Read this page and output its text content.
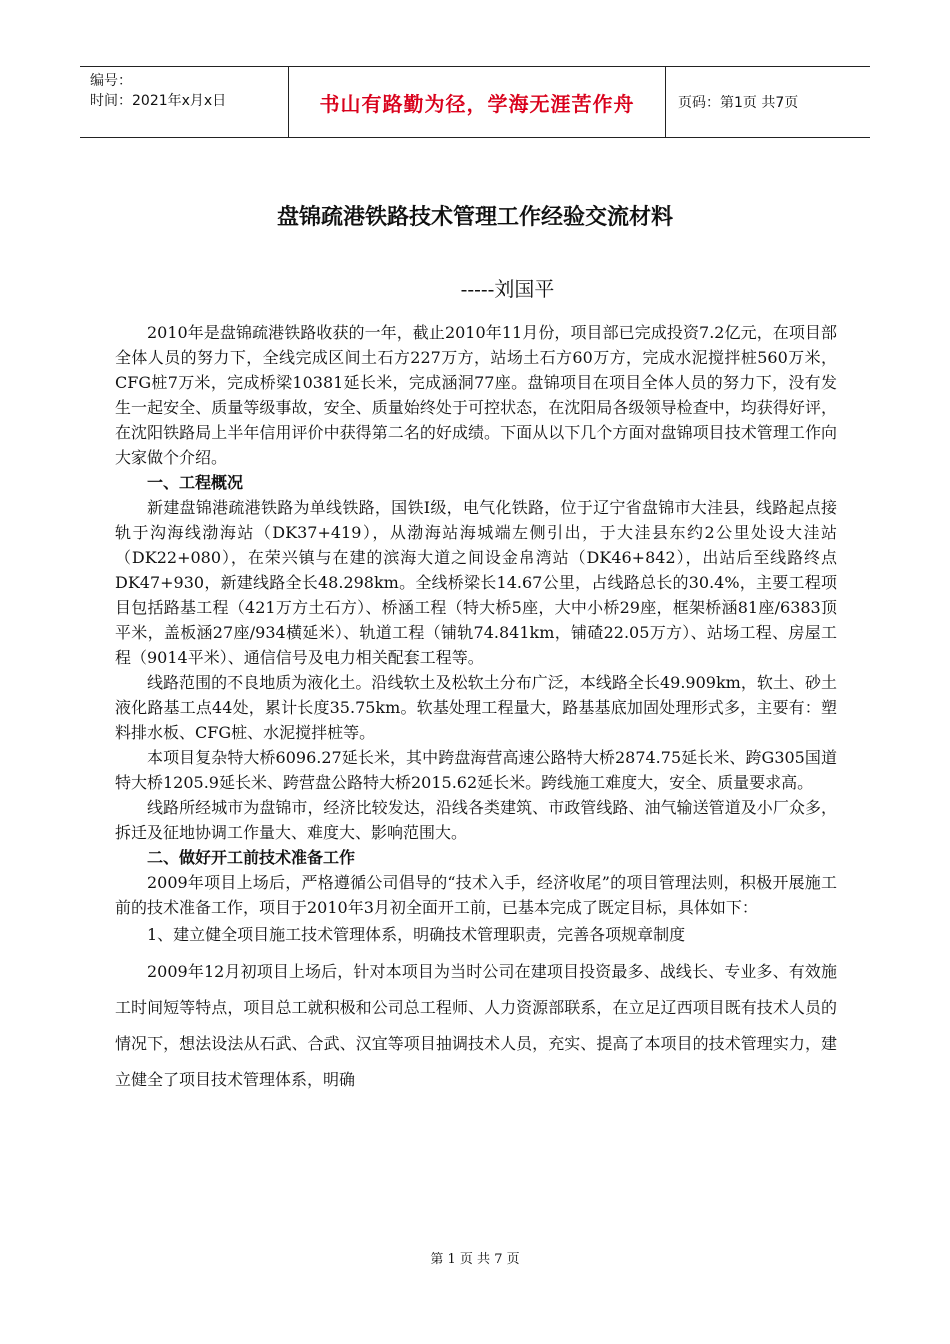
编号：
时间：2021年x月x日	书山有路勤为径，学海无涯苦作舟	页码：第1页 共7页
盘锦疏港铁路技术管理工作经验交流材料
-----刘国平

2010年是盘锦疏港铁路收获的一年，截止2010年11月份，项目部已完成投资7.2亿元，在项目部全体人员的努力下，全线完成区间土石方227万方，站场土石方60万方，完成水泥搅拌桩560万米，CFG桩7万米，完成桥梁10381延长米，完成涵洞77座。盘锦项目在项目全体人员的努力下，没有发生一起安全、质量等级事故，安全、质量始终处于可控状态，在沈阳局各级领导检查中，均获得好评，在沈阳铁路局上半年信用评价中获得第二名的好成绩。下面从以下几个方面对盘锦项目技术管理工作向大家做个介绍。

一、工程概况

新建盘锦港疏港铁路为单线铁路，国铁Ⅰ级，电气化铁路，位于辽宁省盘锦市大洼县，线路起点接轨于沟海线渤海站（DK37+419），从渤海站海城端左侧引出，于大洼县东约2公里处设大洼站（DK22+080），在荣兴镇与在建的滨海大道之间设金帛湾站（DK46+842），出站后至线路终点DK47+930，新建线路全长48.298km。全线桥梁长14.67公里，占线路总长的30.4%，主要工程项目包括路基工程（421万方土石方）、桥涵工程（特大桥5座，大中小桥29座，框架桥涵81座/6383顶平米，盖板涵27座/934横延米）、轨道工程（铺轨74.841km，铺碴22.05万方）、站场工程、房屋工程（9014平米）、通信信号及电力相关配套工程等。

线路范围的不良地质为液化土。沿线软土及松软土分布广泛，本线路全长49.909km，软土、砂土液化路基工点44处，累计长度35.75km。软基处理工程量大，路基基底加固处理形式多，主要有：塑料排水板、CFG桩、水泥搅拌桩等。

本项目复杂特大桥6096.27延长米，其中跨盘海营高速公路特大桥2874.75延长米、跨G305国道特大桥1205.9延长米、跨营盘公路特大桥2015.62延长米。跨线施工难度大，安全、质量要求高。

线路所经城市为盘锦市，经济比较发达，沿线各类建筑、市政管线路、油气输送管道及小厂众多，拆迁及征地协调工作量大、难度大、影响范围大。

二、做好开工前技术准备工作

2009年项目上场后，严格遵循公司倡导的“技术入手，经济收尾”的项目管理法则，积极开展施工前的技术准备工作，项目于2010年3月初全面开工前，已基本完成了既定目标，具体如下：

1、建立健全项目施工技术管理体系，明确技术管理职责，完善各项规章制度

2009年12月初项目上场后，针对本项目为当时公司在建项目投资最多、战线长、专业多、有效施工时间短等特点，项目总工就积极和公司总工程师、人力资源部联系，在立足辽西项目既有技术人员的情况下，想法设法从石武、合武、汉宜等项目抽调技术人员，充实、提高了本项目的技术管理实力，建立健全了项目技术管理体系，明确

第 1 页 共 7 页
